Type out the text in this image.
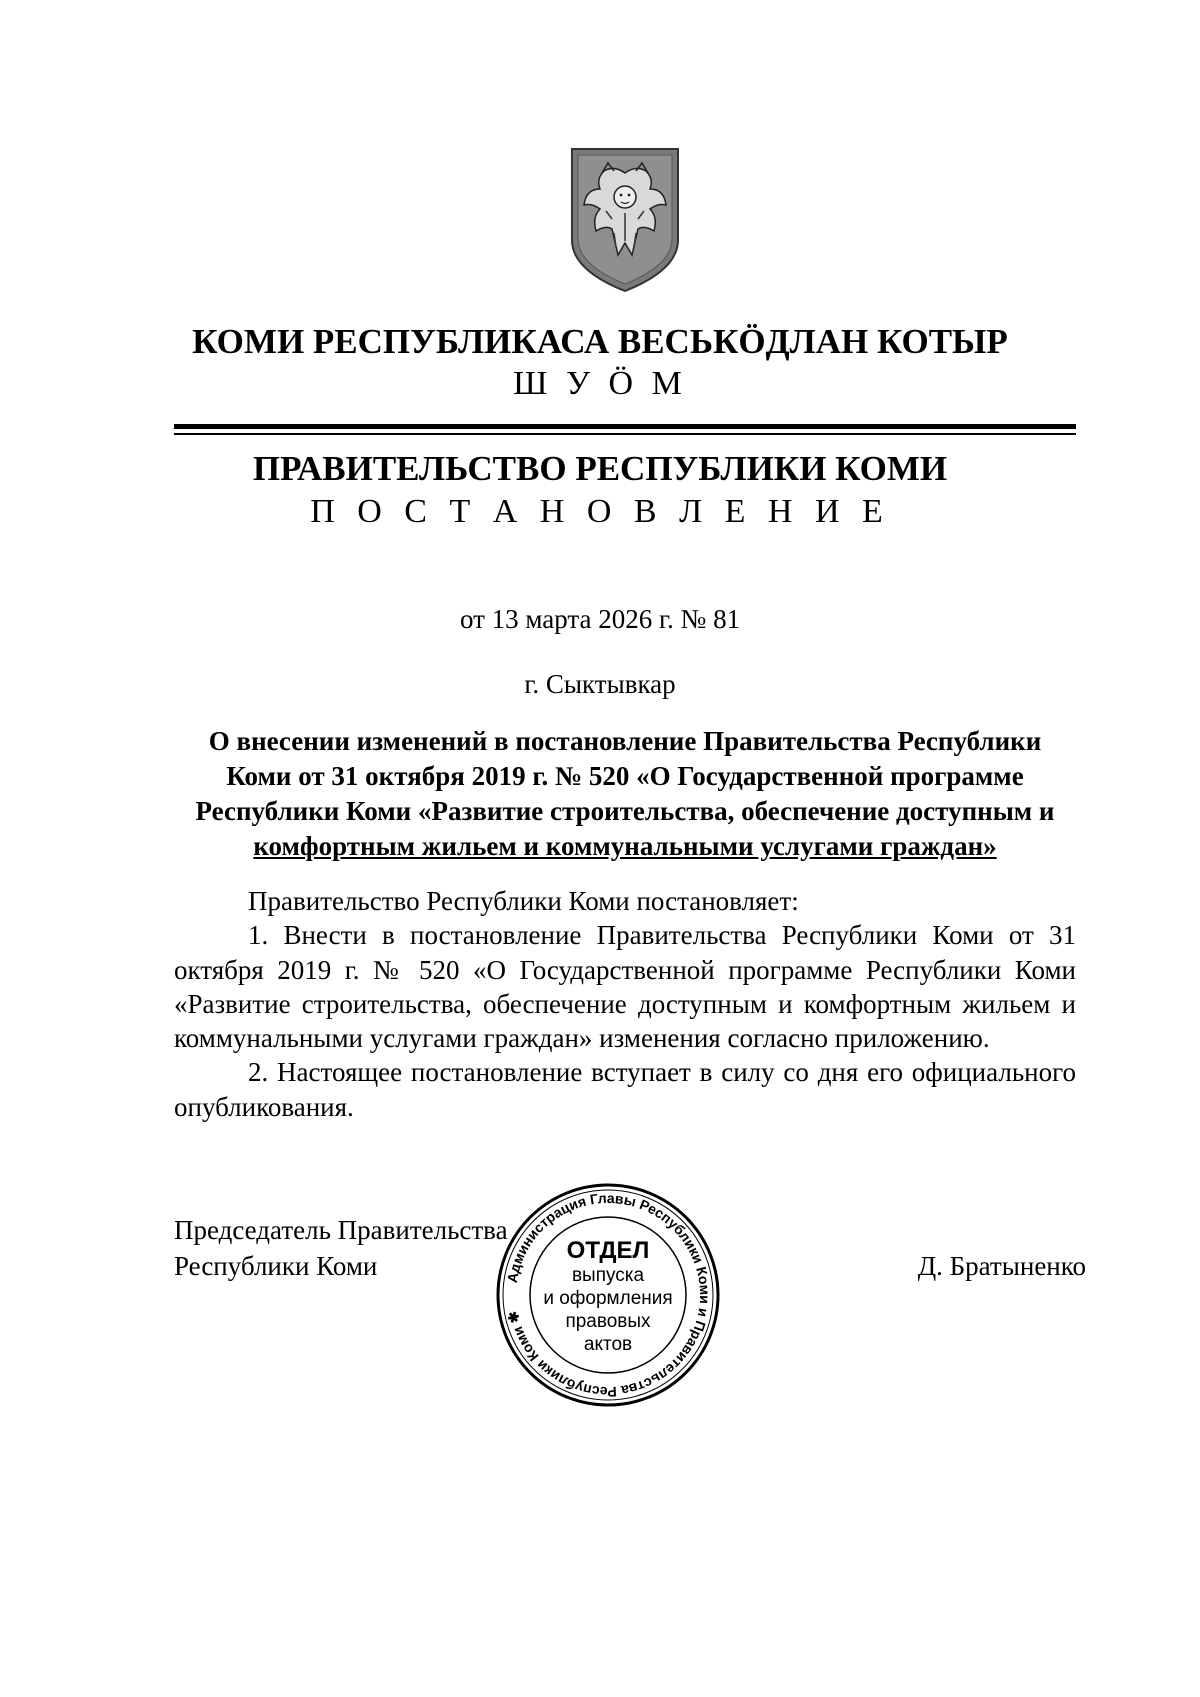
КОМИ РЕСПУБЛИКАСА ВЕСЬКÖДЛАН КОТЫР
Ш У Ö М
ПРАВИТЕЛЬСТВО РЕСПУБЛИКИ КОМИ
П О С Т А Н О В Л Е Н И Е
от 13 марта 2026 г. № 81
г. Сыктывкар
О внесении изменений в постановление Правительства Республики
Коми от 31 октября 2019 г. № 520 «О Государственной программе
Республики Коми «Развитие строительства, обеспечение доступным и
комфортным жильем и коммунальными услугами граждан»

Правительство Республики Коми постановляет:

1. Внести в постановление Правительства Республики Коми от 31 октября 2019 г. № 520 «О Государственной программе Республики Коми «Развитие строительства, обеспечение доступным и комфортным жильем и коммунальными услугами граждан» изменения согласно приложению.

2. Настоящее постановление вступает в силу со дня его официального опубликования.

Председатель Правительства
Республики Коми	Д. Братыненко
Администрация Главы Республики Коми и Правительства Республики Коми ✱
ОТДЕЛ
выпуска
и оформления
правовых
актов
